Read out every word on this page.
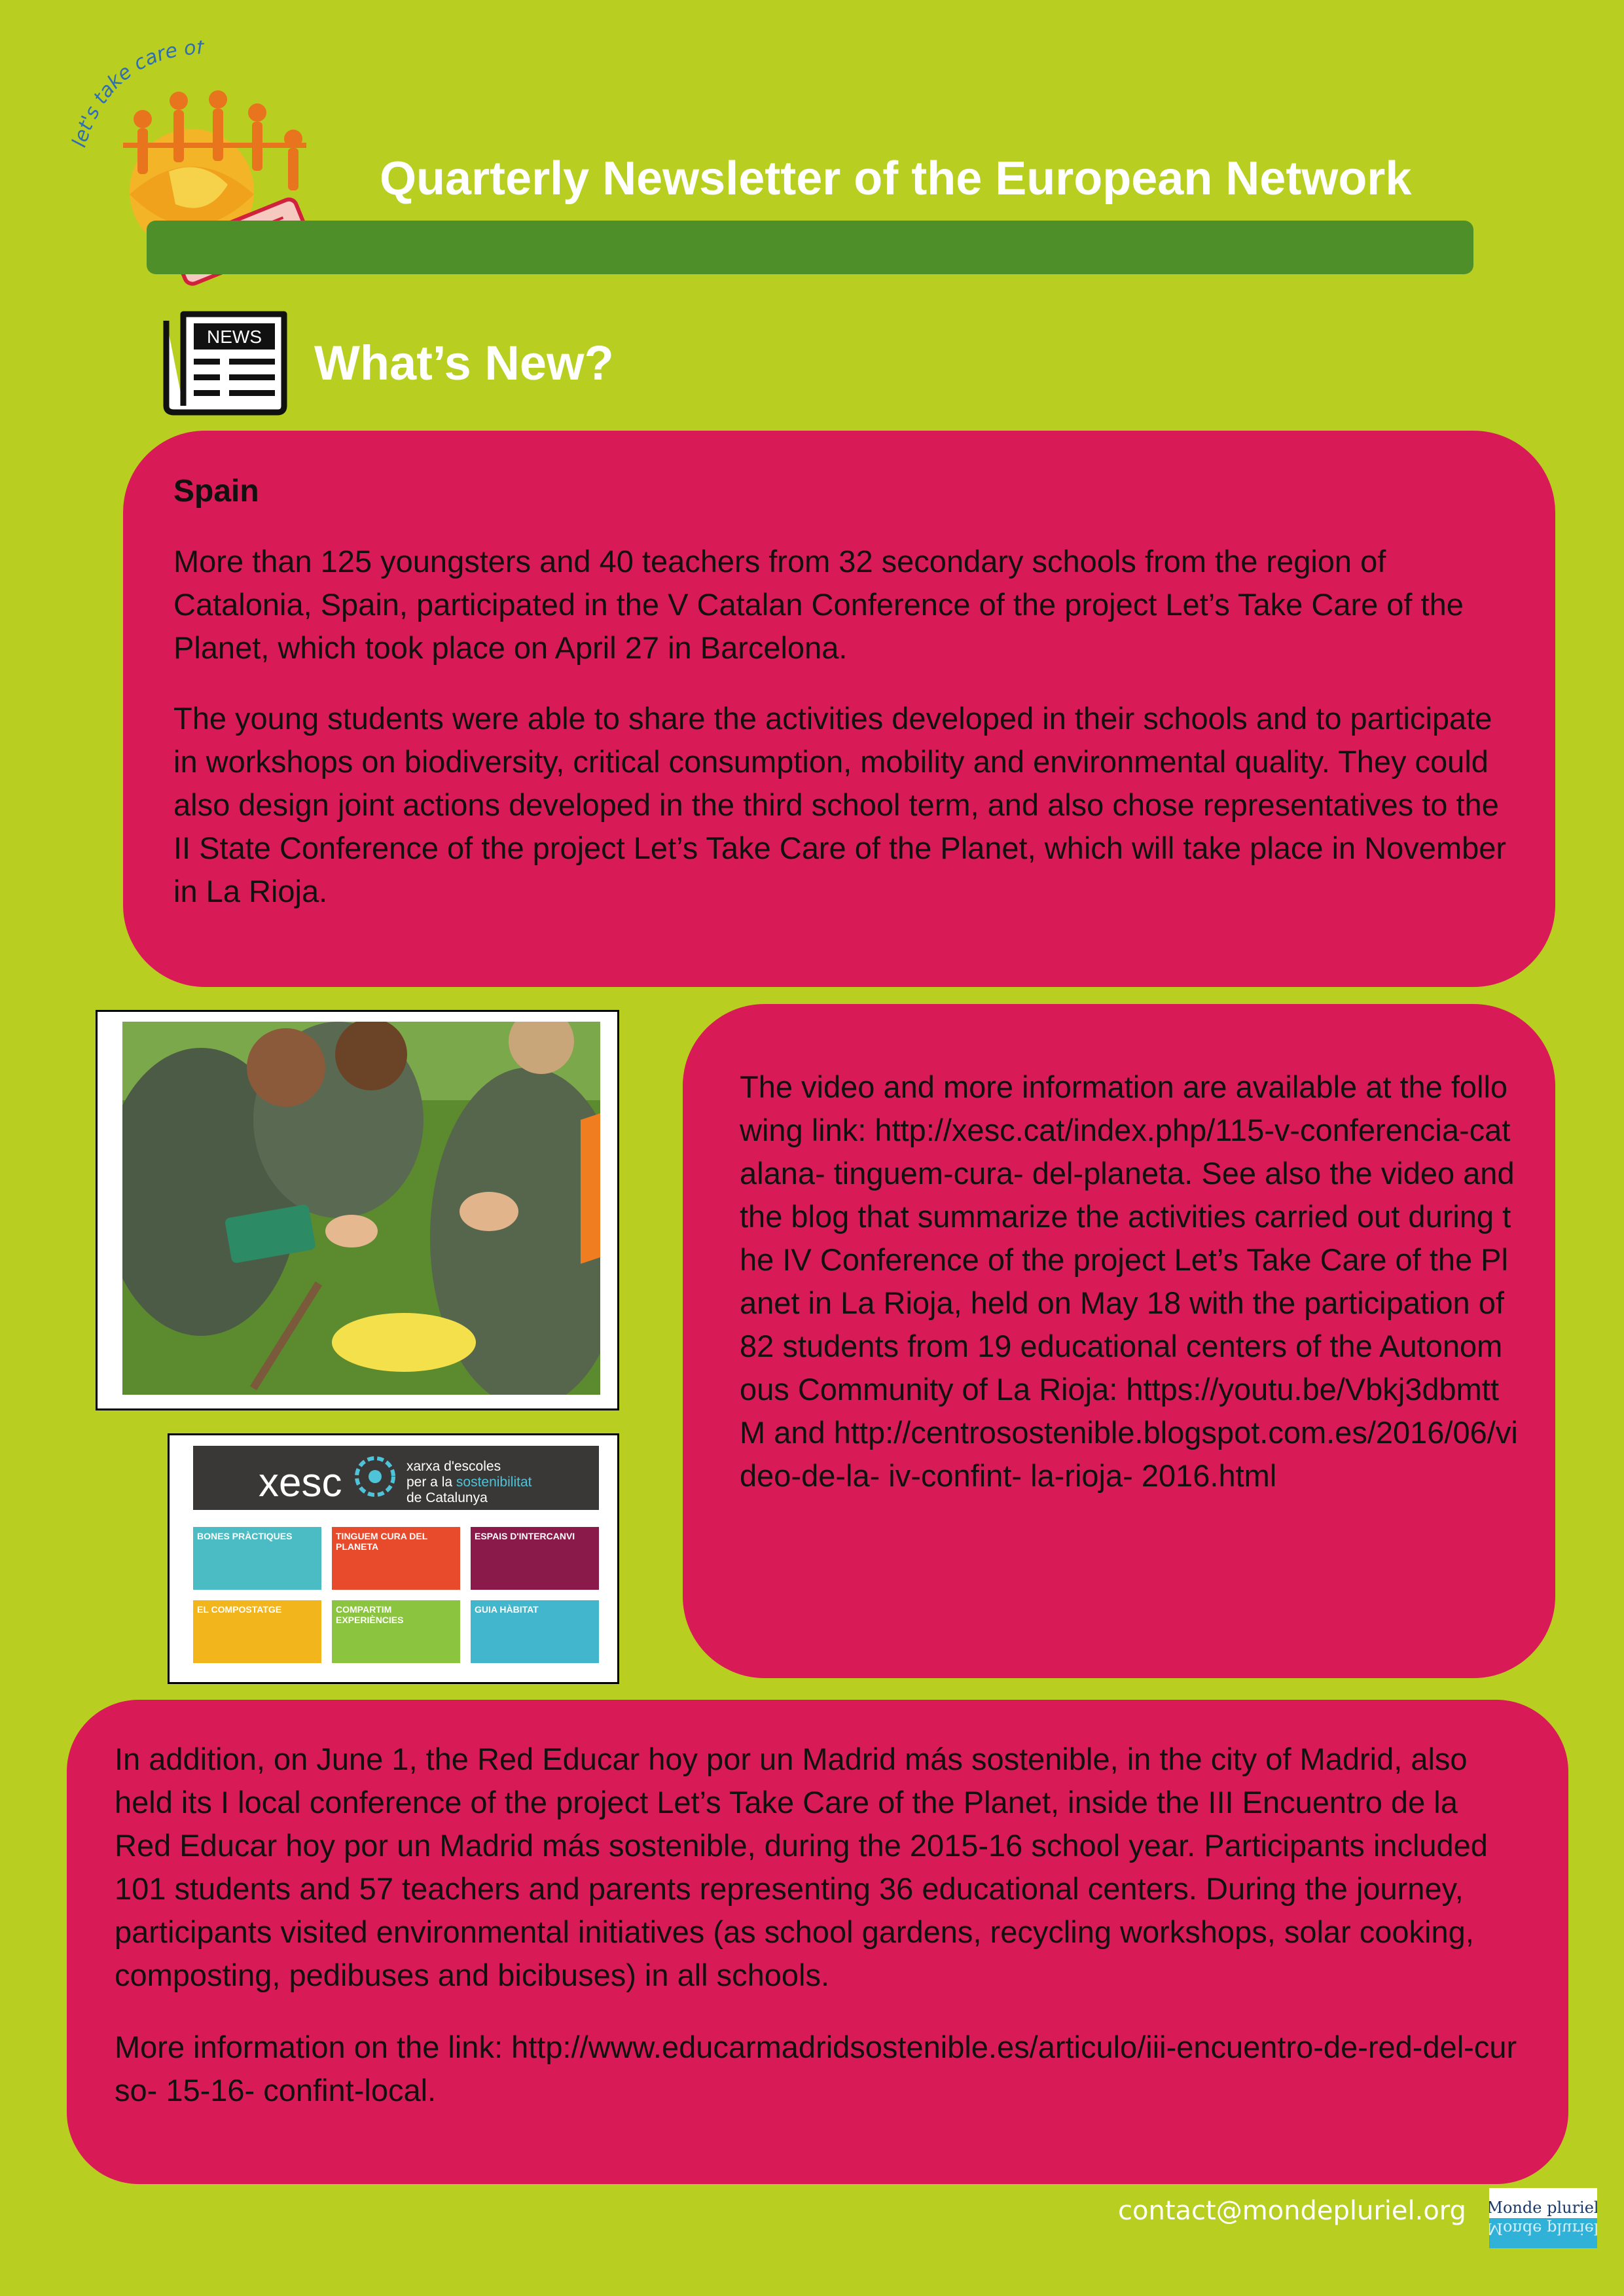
et's take care of
Quarterly Newsletter of the European Network
NEWS What’s New?
Spain
More than 125 youngsters and 40 teachers from 32 secondary schools from the region of Catalonia, Spain, participated in the V Catalan Conference of the project Let’s Take Care of the Planet, which took place on April 27 in Barcelona.
The young students were able to share the activities developed in their schools and to participate in workshops on biodiversity, critical consumption, mobility and environmental quality. They could also design joint actions developed in the third school term, and also chose representatives to the II State Conference of the project Let’s Take Care of the Planet, which will take place in November in La Rioja.
xesc	xarxa d'escoles
per a la sostenibilitat
de Catalunya
BONES PRÀCTIQUES	TINGUEM CURA DEL PLANETA
ESPAIS D'INTERCANVI
EL COMPOSTATGE	COMPARTIM EXPERIÈNCIES
GUIA HÀBITAT
The video and more information are available at the following link: http://xesc.cat/index.php/115-v-conferencia-catalana- tinguem-cura- del-planeta. See also the video and the blog that summarize the activities carried out during the IV Conference of the project Let’s Take Care of the Planet in La Rioja, held on May 18 with the participation of 82 students from 19 educational centers of the Autonomous Community of La Rioja: https://youtu.be/Vbkj3dbmttM and http://centrosostenible.blogspot.com.es/2016/06/video-de-la- iv-confint- la-rioja- 2016.html
In addition, on June 1, the Red Educar hoy por un Madrid más sostenible, in the city of Madrid, also held its I local conference of the project Let’s Take Care of the Planet, inside the III Encuentro de la Red Educar hoy por un Madrid más sostenible, during the 2015-16 school year. Participants included 101 students and 57 teachers and parents representing 36 educational centers. During the journey, participants visited environmental initiatives (as school gardens, recycling workshops, solar cooking, composting, pedibuses and bicibuses) in all schools.
More information on the link: http://www.educarmadridsostenible.es/articulo/iii-encuentro-de-red-del-curso- 15-16- confint-local.
contact@mondepluriel.org Monde pluriel
Monde pluriel
